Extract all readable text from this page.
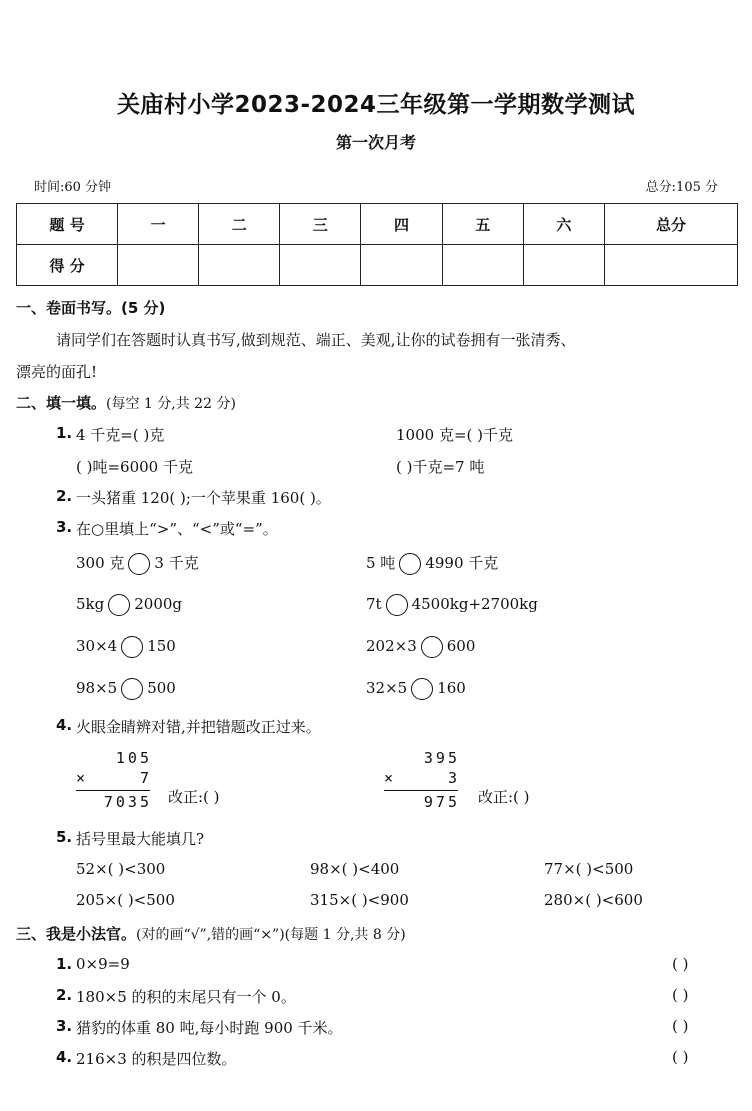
关庙村小学2023-2024三年级第一学期数学测试
第一次月考
时间:60 分钟	总分:105 分
题 号	一	二	三	四	五	六	总分
得 分							
一、卷面书写。(5 分)
请同学们在答题时认真书写,做到规范、端正、美观,让你的试卷拥有一张清秀、
漂亮的面孔!
二、填一填。(每空 1 分,共 22 分)
1. 4 千克=( )克	1000 克=( )千克
( )吨=6000 千克	( )千克=7 吨
2. 一头猪重 120( );一个苹果重 160( )。
3. 在○里填上“>”、“<”或“=”。
300 克 3 千克	5 吨 4990 千克
5kg 2000g	7t 4500kg+2700kg
30×4 150	202×3 600
98×5 500	32×5 160
4. 火眼金睛辨对错,并把错题改正过来。
105
×	7
7035 改正:( )
395
×	3
975 改正:( )
5. 括号里最大能填几?
52×( )<300	98×( )<400	77×( )<500
205×( )<500	315×( )<900	280×( )<600
三、我是小法官。(对的画“√”,错的画“×”)(每题 1 分,共 8 分)
1. 0×9=9	( )
2. 180×5 的积的末尾只有一个 0。	( )
3. 猎豹的体重 80 吨,每小时跑 900 千米。	( )
4. 216×3 的积是四位数。	( )
